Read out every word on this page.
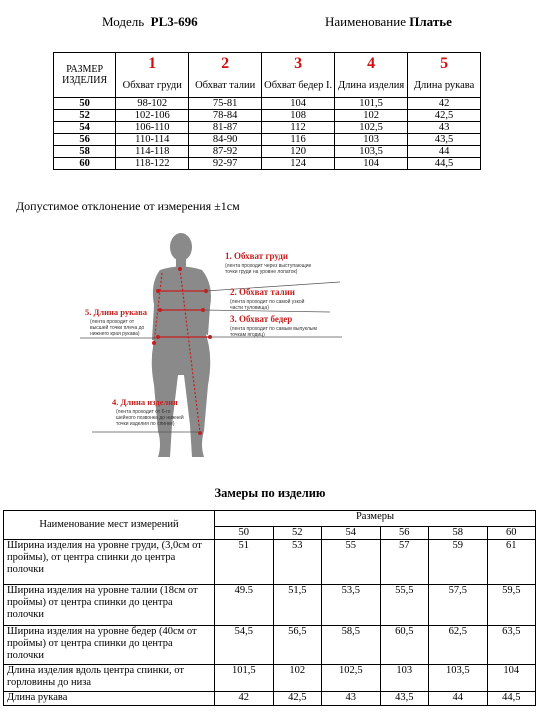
Модель PL3-696	Наименование Платье
РАЗМЕР ИЗДЕЛИЯ	1	2	3	4	5
	Обхват груди	Обхват талии	Обхват бедер I.	Длина изделия	Длина рукава
50	98-102	75-81	104	101,5	42
52	102-106	78-84	108	102	42,5
54	106-110	81-87	112	102,5	43
56	110-114	84-90	116	103	43,5
58	114-118	87-92	120	103,5	44
60	118-122	92-97	124	104	44,5
Допустимое отклонение от измерения ±1см
1. Обхват груди
(лента проходит через выступающие
точки груди на уровне лопаток)
2. Обхват талии
(лента проходит по самой узкой
части туловища)
3. Обхват бедер
(лента проходит по самым выпуклым
точкам ягодиц)
5. Длина рукава
(лента проходит от
высшей точки плеча до
нижнего края рукава)
4. Длина изделия
(лента проходит от 6-го
шейного позвонка до нижней
точки изделия по спинке)
Замеры по изделию
Наименование мест измерений	Размеры					
	50	52	54	56	58	60
Ширина изделия на уровне груди, (3,0см от проймы), от центра спинки до центра полочки	51	53	55	57	59	61
Ширина изделия на уровне талии (18см от проймы) от центра спинки до центра полочки	49.5	51,5	53,5	55,5	57,5	59,5
Ширина изделия на уровне бедер (40см от проймы) от центра спинки до центра полочки	54,5	56,5	58,5	60,5	62,5	63,5
Длина изделия вдоль центра спинки, от горловины до низа	101,5	102	102,5	103	103,5	104
Длина рукава	42	42,5	43	43,5	44	44,5
